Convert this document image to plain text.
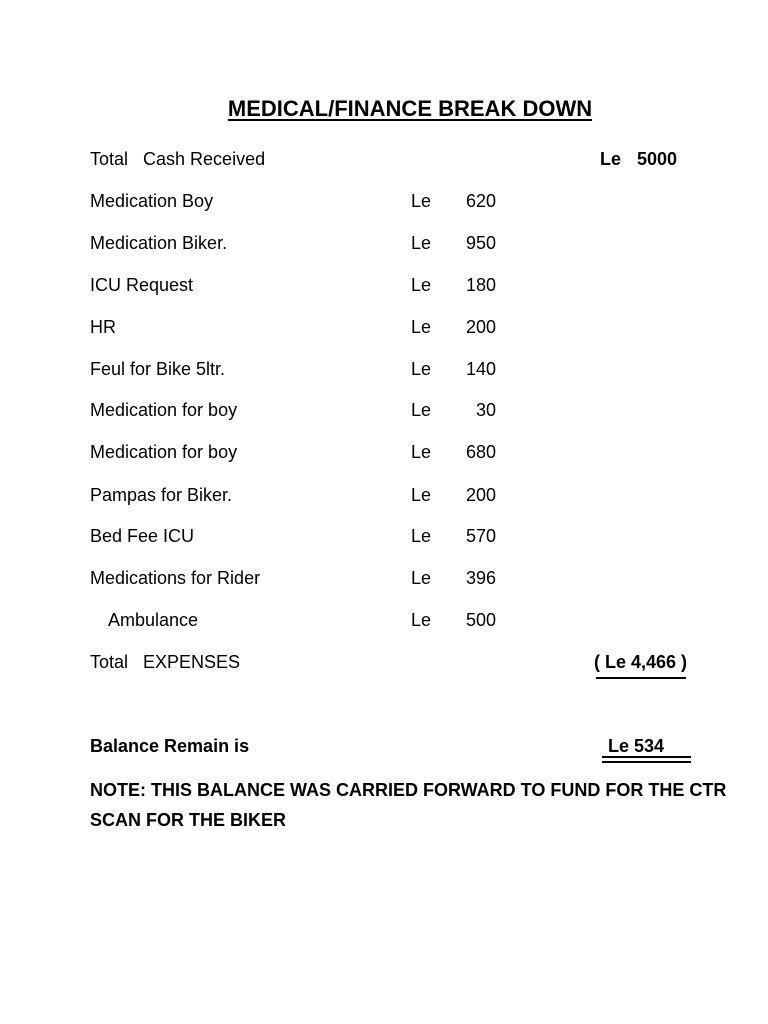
MEDICAL/FINANCE BREAK DOWN
Total   Cash Received	Le 5000
Medication Boy	Le 620
Medication Biker.	Le 950
ICU Request	Le 180
HR	Le 200
Feul for Bike 5ltr.	Le 140
Medication for boy	Le 30
Medication for boy	Le 680
Pampas for Biker.	Le 200
Bed Fee ICU	Le 570
Medications for Rider	Le 396
Ambulance	Le 500
Total   EXPENSES	( Le 4,466 )
Balance Remain is	Le 534
NOTE: THIS BALANCE WAS CARRIED FORWARD TO FUND FOR THE CTR SCAN FOR THE BIKER
